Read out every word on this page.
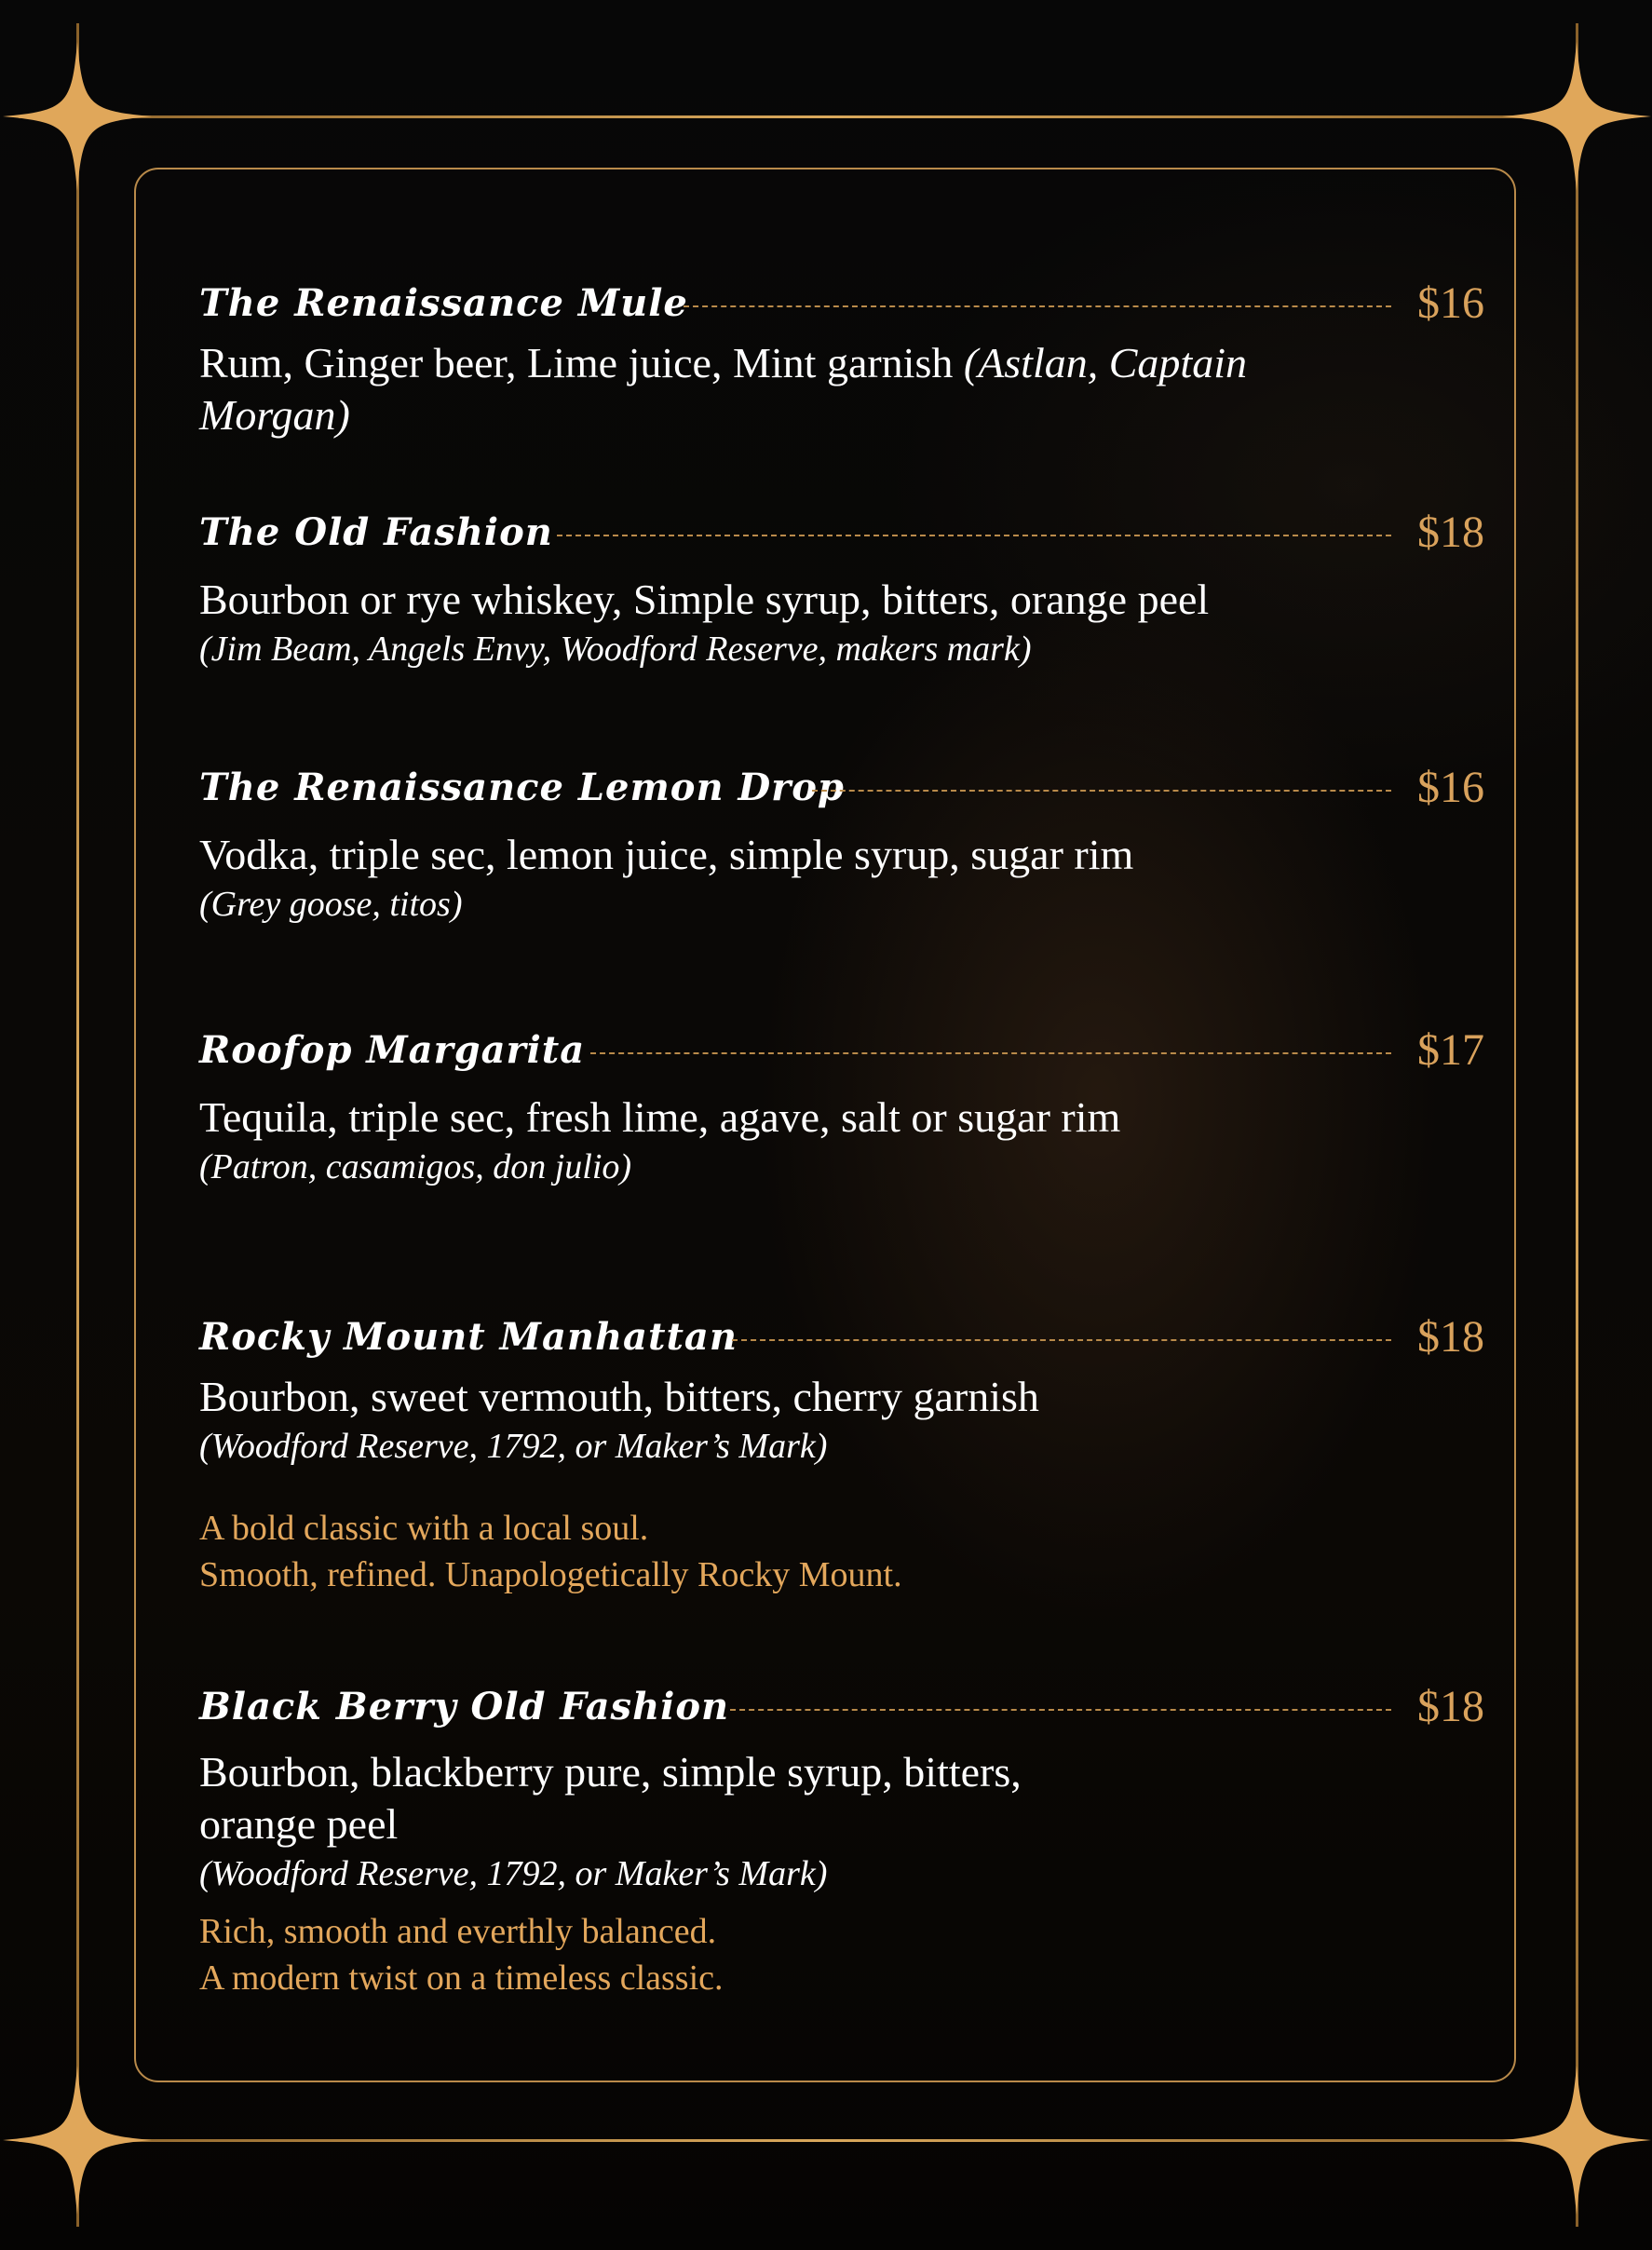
The Renaissance Mule	$16
Rum, Ginger beer, Lime juice, Mint garnish (Astlan, Captain Morgan)
The Old Fashion	$18
Bourbon or rye whiskey, Simple syrup, bitters, orange peel
(Jim Beam, Angels Envy, Woodford Reserve, makers mark)
The Renaissance Lemon Drop	$16
Vodka, triple sec, lemon juice, simple syrup, sugar rim
(Grey goose, titos)
Roofop Margarita	$17
Tequila, triple sec, fresh lime, agave, salt or sugar rim
(Patron, casamigos, don julio)
Rocky Mount Manhattan	$18
Bourbon, sweet vermouth, bitters, cherry garnish
(Woodford Reserve, 1792, or Maker’s Mark)
A bold classic with a local soul.
Smooth, refined. Unapologetically Rocky Mount.
Black Berry Old Fashion	$18
Bourbon, blackberry pure, simple syrup, bitters,
orange peel
(Woodford Reserve, 1792, or Maker’s Mark)
Rich, smooth and everthly balanced.
A modern twist on a timeless classic.
